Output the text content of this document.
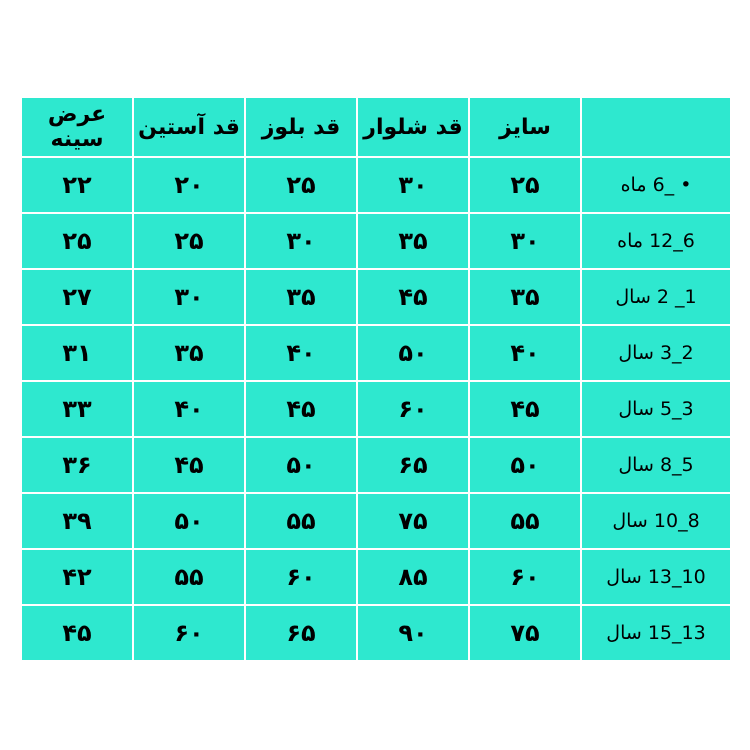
	سایز	قد شلوار	قد بلوز	قد آستین	عرض سینه
• _6 ماه	۲۵	۳۰	۲۵	۲۰	۲۲
6_12 ماه	۳۰	۳۵	۳۰	۲۵	۲۵
1_ 2 سال	۳۵	۴۵	۳۵	۳۰	۲۷
2_3 سال	۴۰	۵۰	۴۰	۳۵	۳۱
3_5 سال	۴۵	۶۰	۴۵	۴۰	۳۳
5_8 سال	۵۰	۶۵	۵۰	۴۵	۳۶
8_10 سال	۵۵	۷۵	۵۵	۵۰	۳۹
10_13 سال	۶۰	۸۵	۶۰	۵۵	۴۲
13_15 سال	۷۵	۹۰	۶۵	۶۰	۴۵
